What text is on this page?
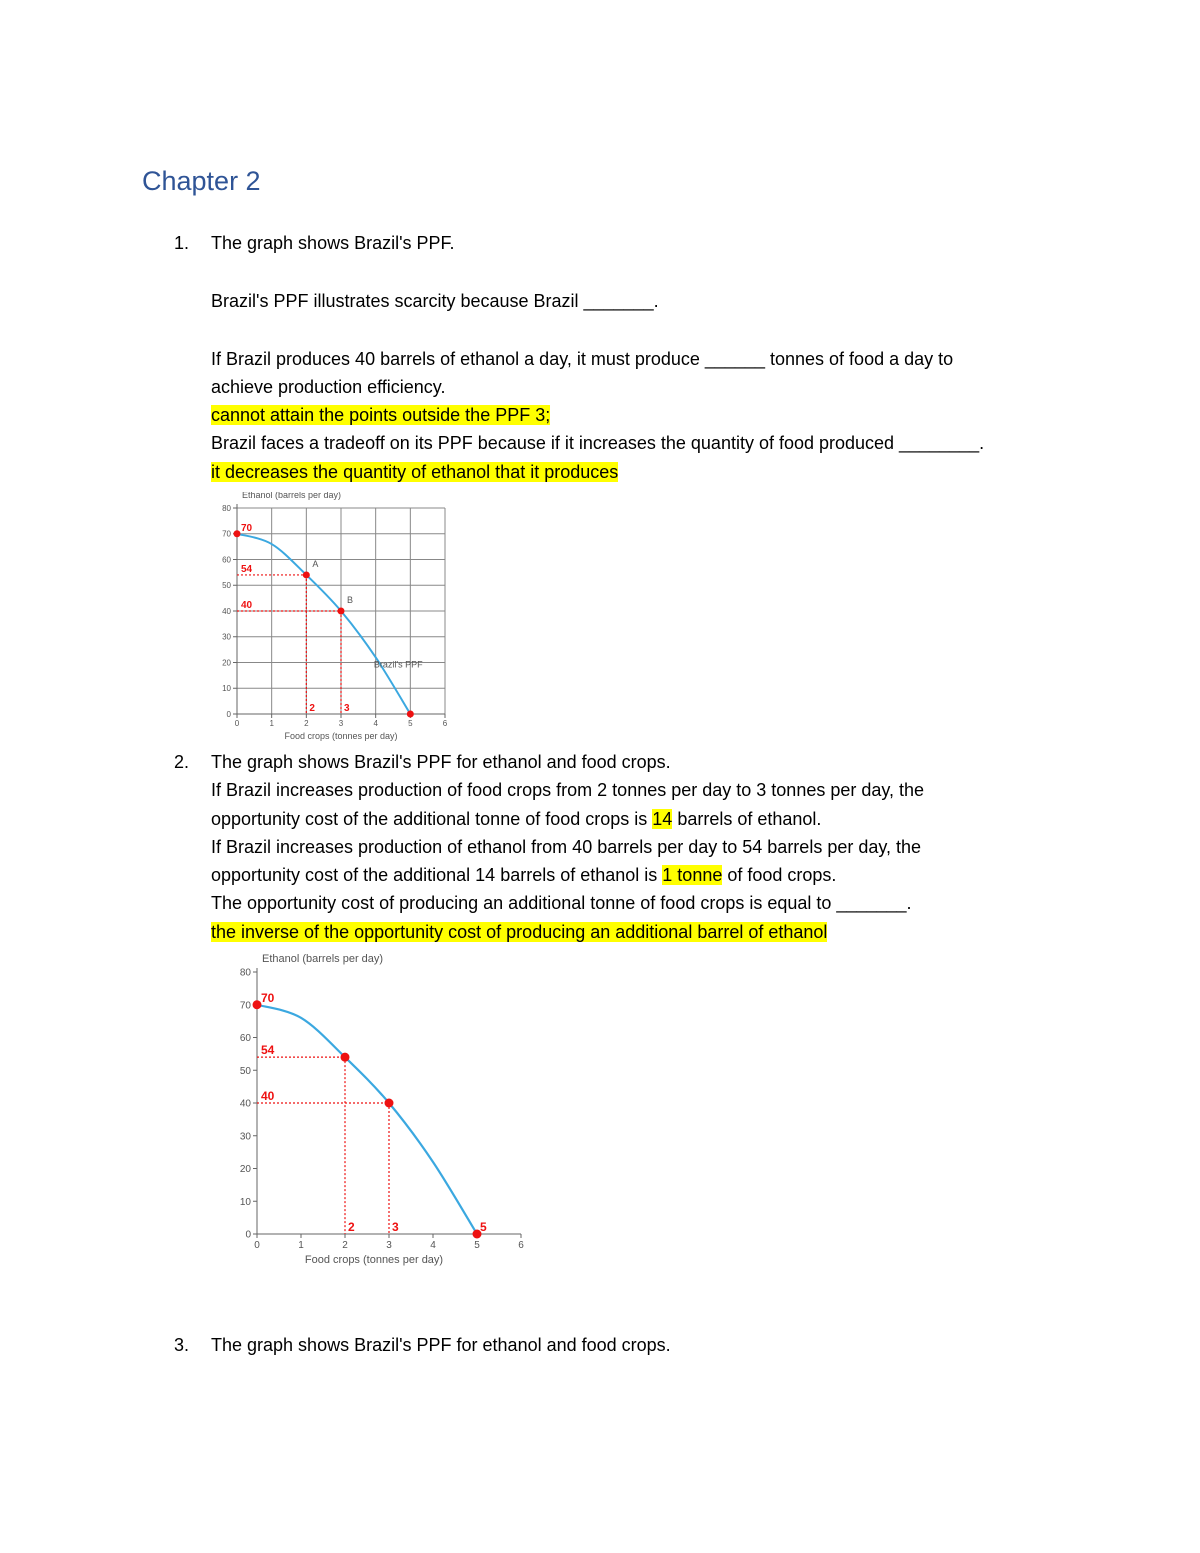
Chapter 2
1. The graph shows Brazil's PPF.
Brazil's PPF illustrates scarcity because Brazil _______.
If Brazil produces 40 barrels of ethanol a day, it must produce ______ tonnes of food a day to
achieve production efficiency.
cannot attain the points outside the PPF 3;
Brazil faces a tradeoff on its PPF because if it increases the quantity of food produced ________.
it decreases the quantity of ethanol that it produces
0
10
20
30
40
50
60
70
80
0	1	2	3	4	5	6
Ethanol (barrels per day)
Food crops (tonnes per day)
A
B
70
54
40
2	3
Brazil's PPF
2. The graph shows Brazil's PPF for ethanol and food crops.
If Brazil increases production of food crops from 2 tonnes per day to 3 tonnes per day, the
opportunity cost of the additional tonne of food crops is 14 barrels of ethanol.
If Brazil increases production of ethanol from 40 barrels per day to 54 barrels per day, the
opportunity cost of the additional 14 barrels of ethanol is 1 tonne of food crops.
The opportunity cost of producing an additional tonne of food crops is equal to _______.
the inverse of the opportunity cost of producing an additional barrel of ethanol
0
10
20
30
40
50
60
70
80
0	1	2	3	4	5	6
Ethanol (barrels per day)
Food crops (tonnes per day)
70
54
40
2	3	5
3. The graph shows Brazil's PPF for ethanol and food crops.
